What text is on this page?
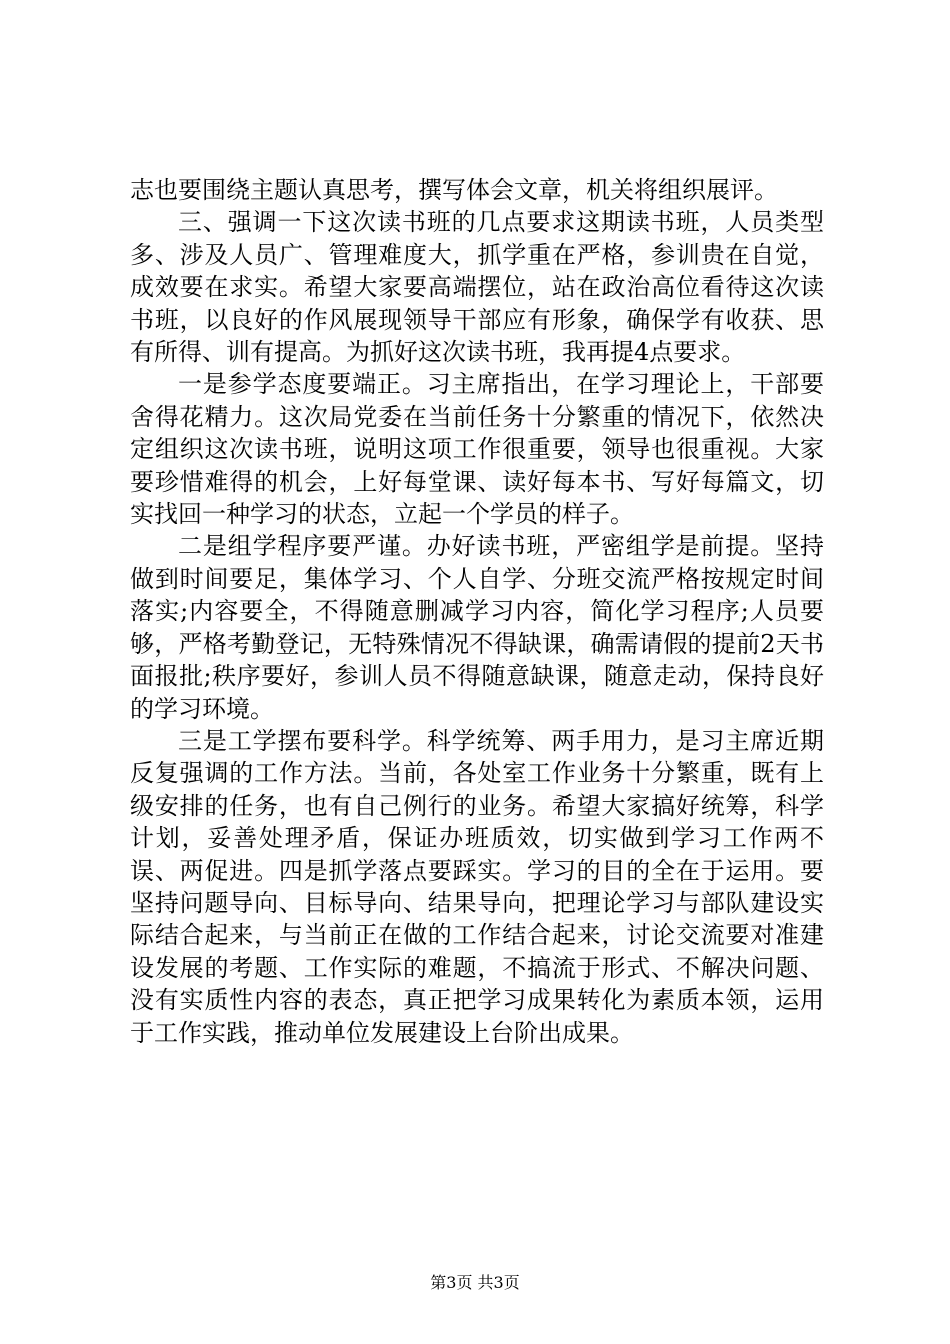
志也要围绕主题认真思考，撰写体会文章，机关将组织展评。

三、强调一下这次读书班的几点要求这期读书班，人员类型多、涉及人员广、管理难度大，抓学重在严格，参训贵在自觉，成效要在求实。希望大家要高端摆位，站在政治高位看待这次读书班，以良好的作风展现领导干部应有形象，确保学有收获、思有所得、训有提高。为抓好这次读书班，我再提4点要求。

一是参学态度要端正。习主席指出，在学习理论上，干部要舍得花精力。这次局党委在当前任务十分繁重的情况下，依然决定组织这次读书班，说明这项工作很重要，领导也很重视。大家要珍惜难得的机会，上好每堂课、读好每本书、写好每篇文，切实找回一种学习的状态，立起一个学员的样子。

二是组学程序要严谨。办好读书班，严密组学是前提。坚持做到时间要足，集体学习、个人自学、分班交流严格按规定时间落实;内容要全，不得随意删减学习内容，简化学习程序;人员要够，严格考勤登记，无特殊情况不得缺课，确需请假的提前2天书面报批;秩序要好，参训人员不得随意缺课，随意走动，保持良好的学习环境。

三是工学摆布要科学。科学统筹、两手用力，是习主席近期反复强调的工作方法。当前，各处室工作业务十分繁重，既有上级安排的任务，也有自己例行的业务。希望大家搞好统筹，科学计划，妥善处理矛盾，保证办班质效，切实做到学习工作两不误、两促进。四是抓学落点要踩实。学习的目的全在于运用。要坚持问题导向、目标导向、结果导向，把理论学习与部队建设实际结合起来，与当前正在做的工作结合起来，讨论交流要对准建设发展的考题、工作实际的难题，不搞流于形式、不解决问题、没有实质性内容的表态，真正把学习成果转化为素质本领，运用于工作实践，推动单位发展建设上台阶出成果。

第3页 共3页
